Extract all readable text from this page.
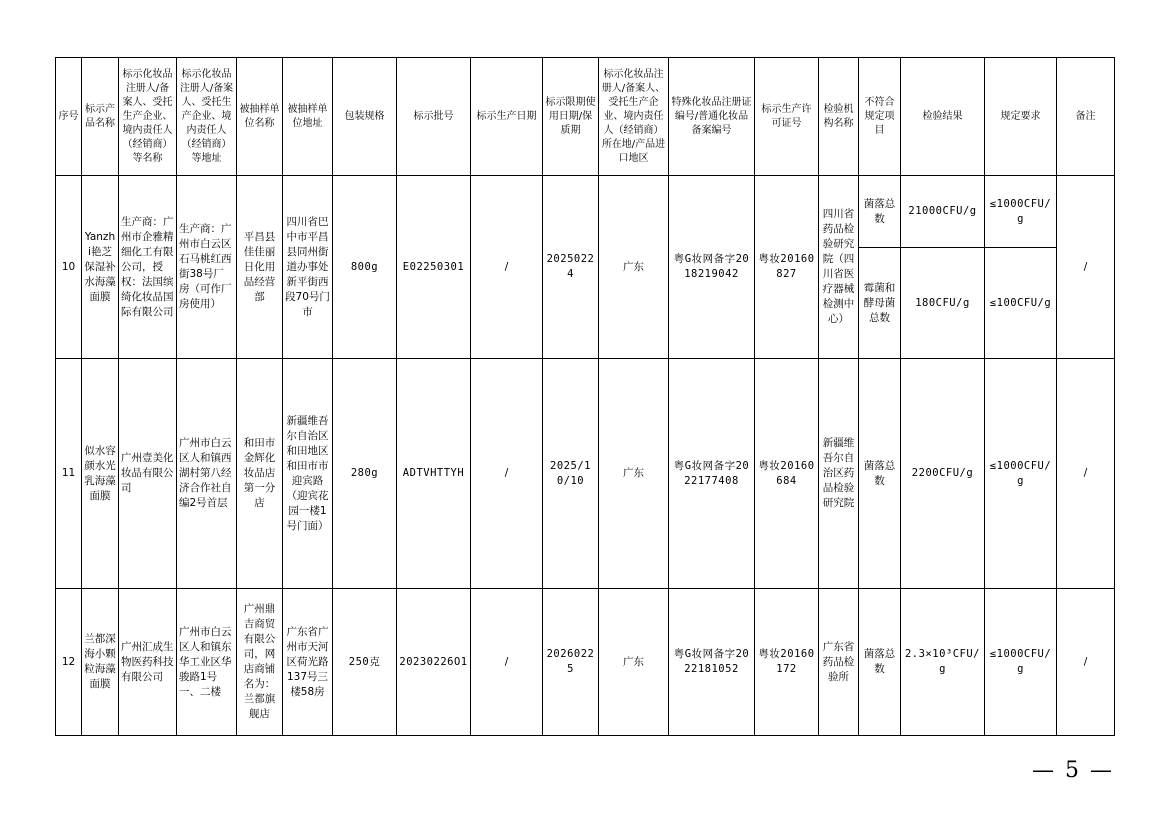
序号	标示产品名称	标示化妆品注册人/备案人、受托生产企业、境内责任人（经销商）等名称	标示化妆品注册人/备案人、受托生产企业、境内责任人（经销商）等地址	被抽样单位名称	被抽样单位地址	包装规格	标示批号	标示生产日期	标示限期使用日期/保质期	标示化妆品注册人/备案人、受托生产企业、境内责任人（经销商）所在地/产品进口地区	特殊化妆品注册证编号/普通化妆品备案编号	标示生产许可证号	检验机构名称	不符合规定项目	检验结果	规定要求	备注
10	Yanzhi艳芝保湿补水海藻面膜	生产商：广州市企雅精细化工有限公司，授权：法国缤绮化妆品国际有限公司	生产商：广州市白云区石马桃红西街38号厂房（可作厂房使用）	平昌县佳佳丽日化用品经营部	四川省巴中市平昌县同州街道办事处新平街西段70号门市	800g	E02250301	/	20250224	广东	粤G妆网备字2018219042	粤妆20160827	四川省药品检验研究院（四川省医疗器械检测中心）	菌落总数	21000CFU/g	≤1000CFU/g	/
														霉菌和酵母菌总数	180CFU/g	≤100CFU/g	
11	似水容颜水光乳海藻面膜	广州壹美化妆品有限公司	广州市白云区人和镇西湖村第八经济合作社自编2号首层	和田市金辉化妆品店第一分店	新疆维吾尔自治区和田地区和田市市迎宾路（迎宾花园一楼1号门面）	280g	ADTVHTTYH	/	2025/10/10	广东	粤G妆网备字2022177408	粤妆20160684	新疆维吾尔自治区药品检验研究院	菌落总数	2200CFU/g	≤1000CFU/g	/
12	兰都深海小颗粒海藻面膜	广州汇成生物医药科技有限公司	广州市白云区人和镇东华工业区华骏路1号一、二楼	广州鼎吉商贸有限公司，网店商铺名为：兰都旗舰店	广东省广州市天河区荷光路137号三楼58房	250克	20230226O1	/	20260225	广东	粤G妆网备字2022181052	粤妆20160172	广东省药品检验所	菌落总数	2.3×10³CFU/g	≤1000CFU/g	/
— 5 —
